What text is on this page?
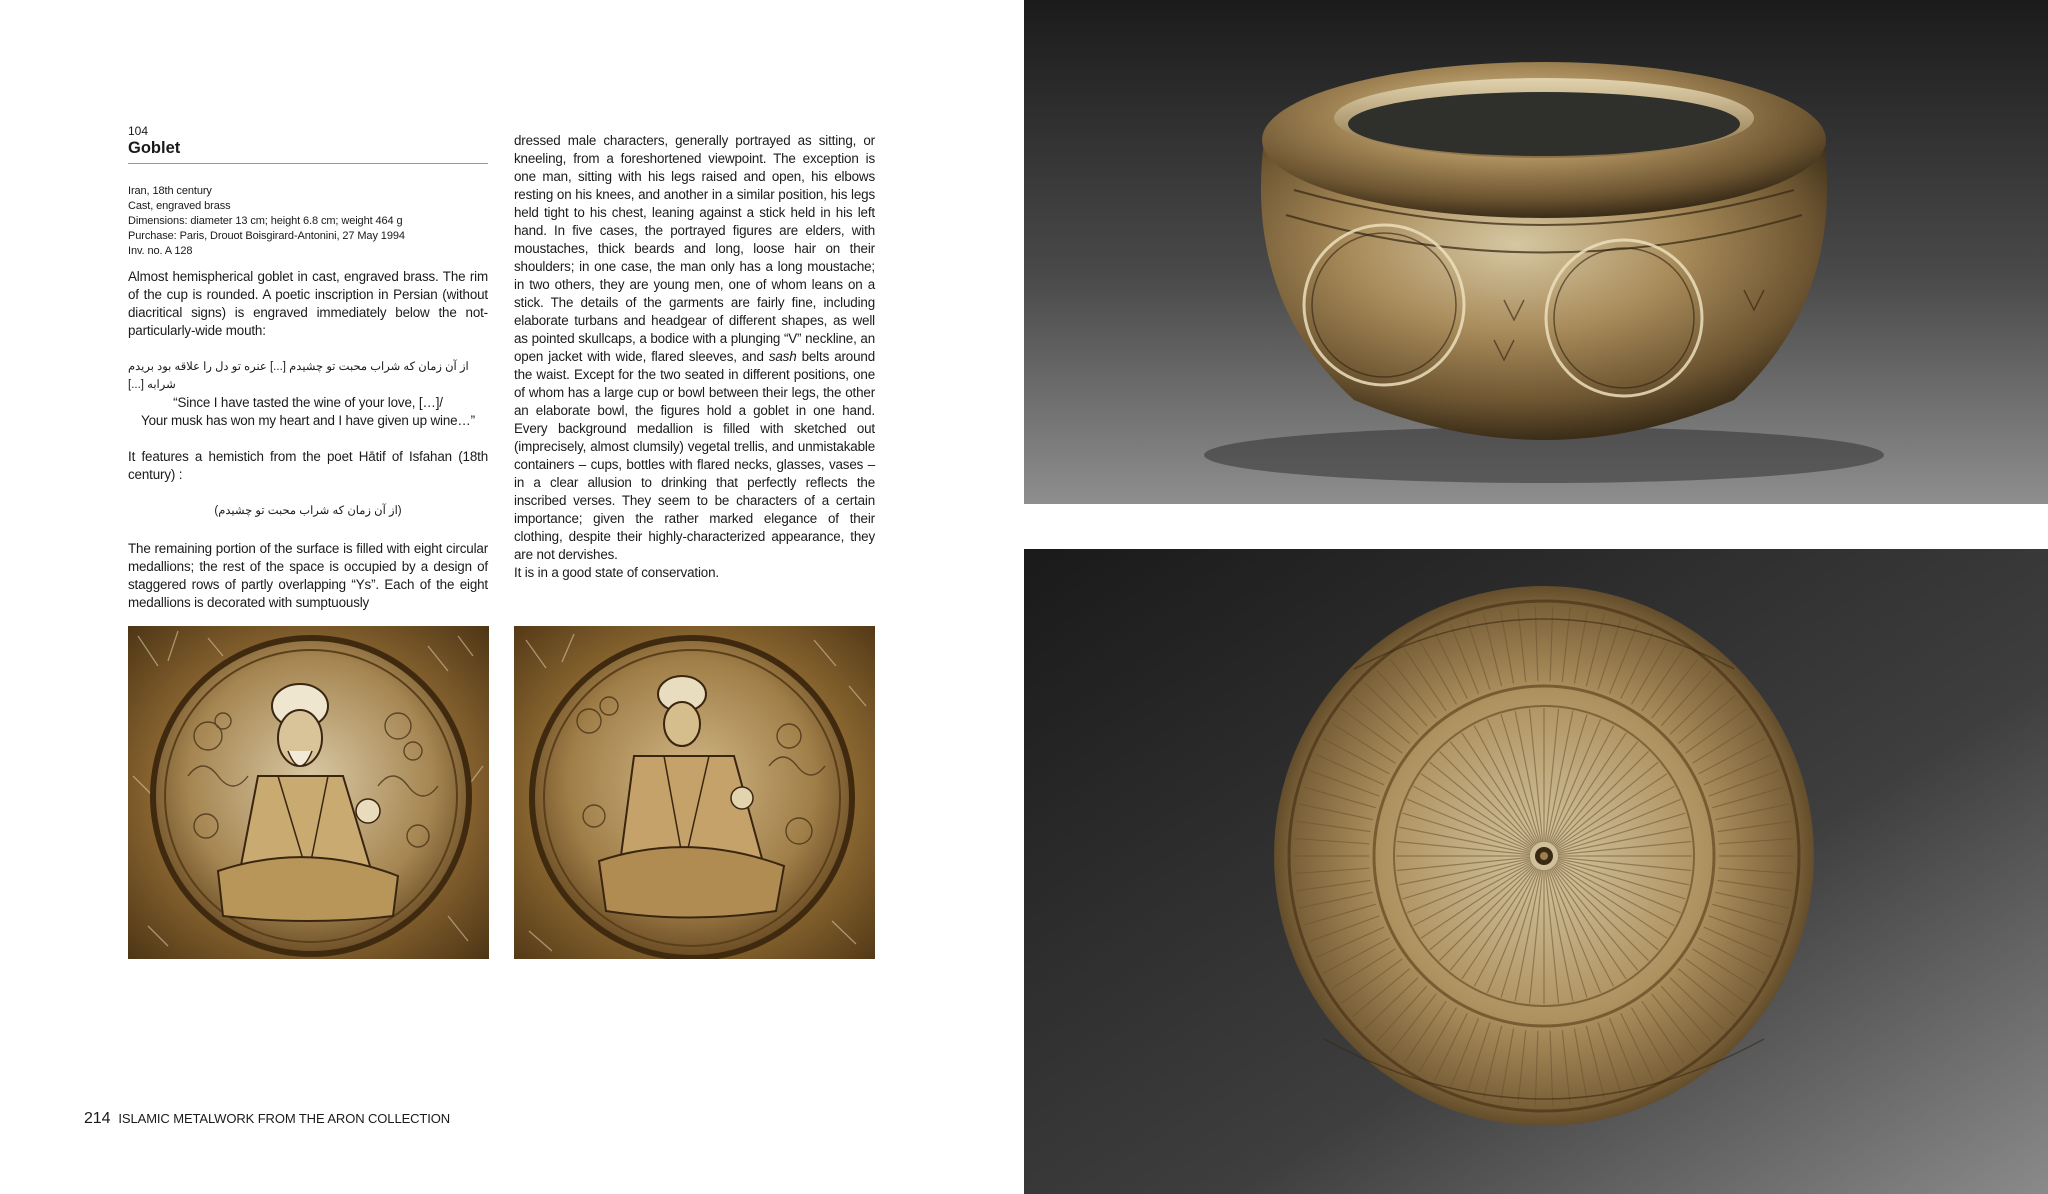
104
Goblet
Iran, 18th century
Cast, engraved brass
Dimensions: diameter 13 cm; height 6.8 cm; weight 464 g
Purchase: Paris, Drouot Boisgirard-Antonini, 27 May 1994
Inv. no. A 128

Almost hemispherical goblet in cast, engraved brass. The rim of the cup is rounded. A poetic inscription in Persian (without diacritical signs) is engraved immediately below the not-particularly-wide mouth:

از آن زمان که شراب محبت تو چشیدم [...] عنره تو دل را علاقه بود بریدم شرابه [...]

“Since I have tasted the wine of your love, […]/

Your musk has won my heart and I have given up wine…”

It features a hemistich from the poet Hātif of Isfahan (18th century) :

(از آن زمان که شراب محبت تو چشیدم)

The remaining portion of the surface is filled with eight circular medallions; the rest of the space is occupied by a design of staggered rows of partly overlapping “Ys”. Each of the eight medallions is decorated with sumptuously

dressed male characters, generally portrayed as sitting, or kneeling, from a foreshortened viewpoint. The exception is one man, sitting with his legs raised and open, his elbows resting on his knees, and another in a similar position, his legs held tight to his chest, leaning against a stick held in his left hand. In five cases, the portrayed figures are elders, with moustaches, thick beards and long, loose hair on their shoulders; in one case, the man only has a long moustache; in two others, they are young men, one of whom leans on a stick. The details of the garments are fairly fine, including elaborate turbans and headgear of different shapes, as well as pointed skullcaps, a bodice with a plunging “V” neckline, an open jacket with wide, flared sleeves, and sash belts around the waist. Except for the two seated in different positions, one of whom has a large cup or bowl between their legs, the other an elaborate bowl, the figures hold a goblet in one hand. Every background medallion is filled with sketched out (imprecisely, almost clumsily) vegetal trellis, and unmistakable containers – cups, bottles with flared necks, glasses, vases – in a clear allusion to drinking that perfectly reflects the inscribed verses. They seem to be characters of a certain importance; given the rather marked elegance of their clothing, despite their highly-characterized appearance, they are not dervishes.

It is in a good state of conservation.

214 ISLAMIC METALWORK FROM THE ARON COLLECTION
